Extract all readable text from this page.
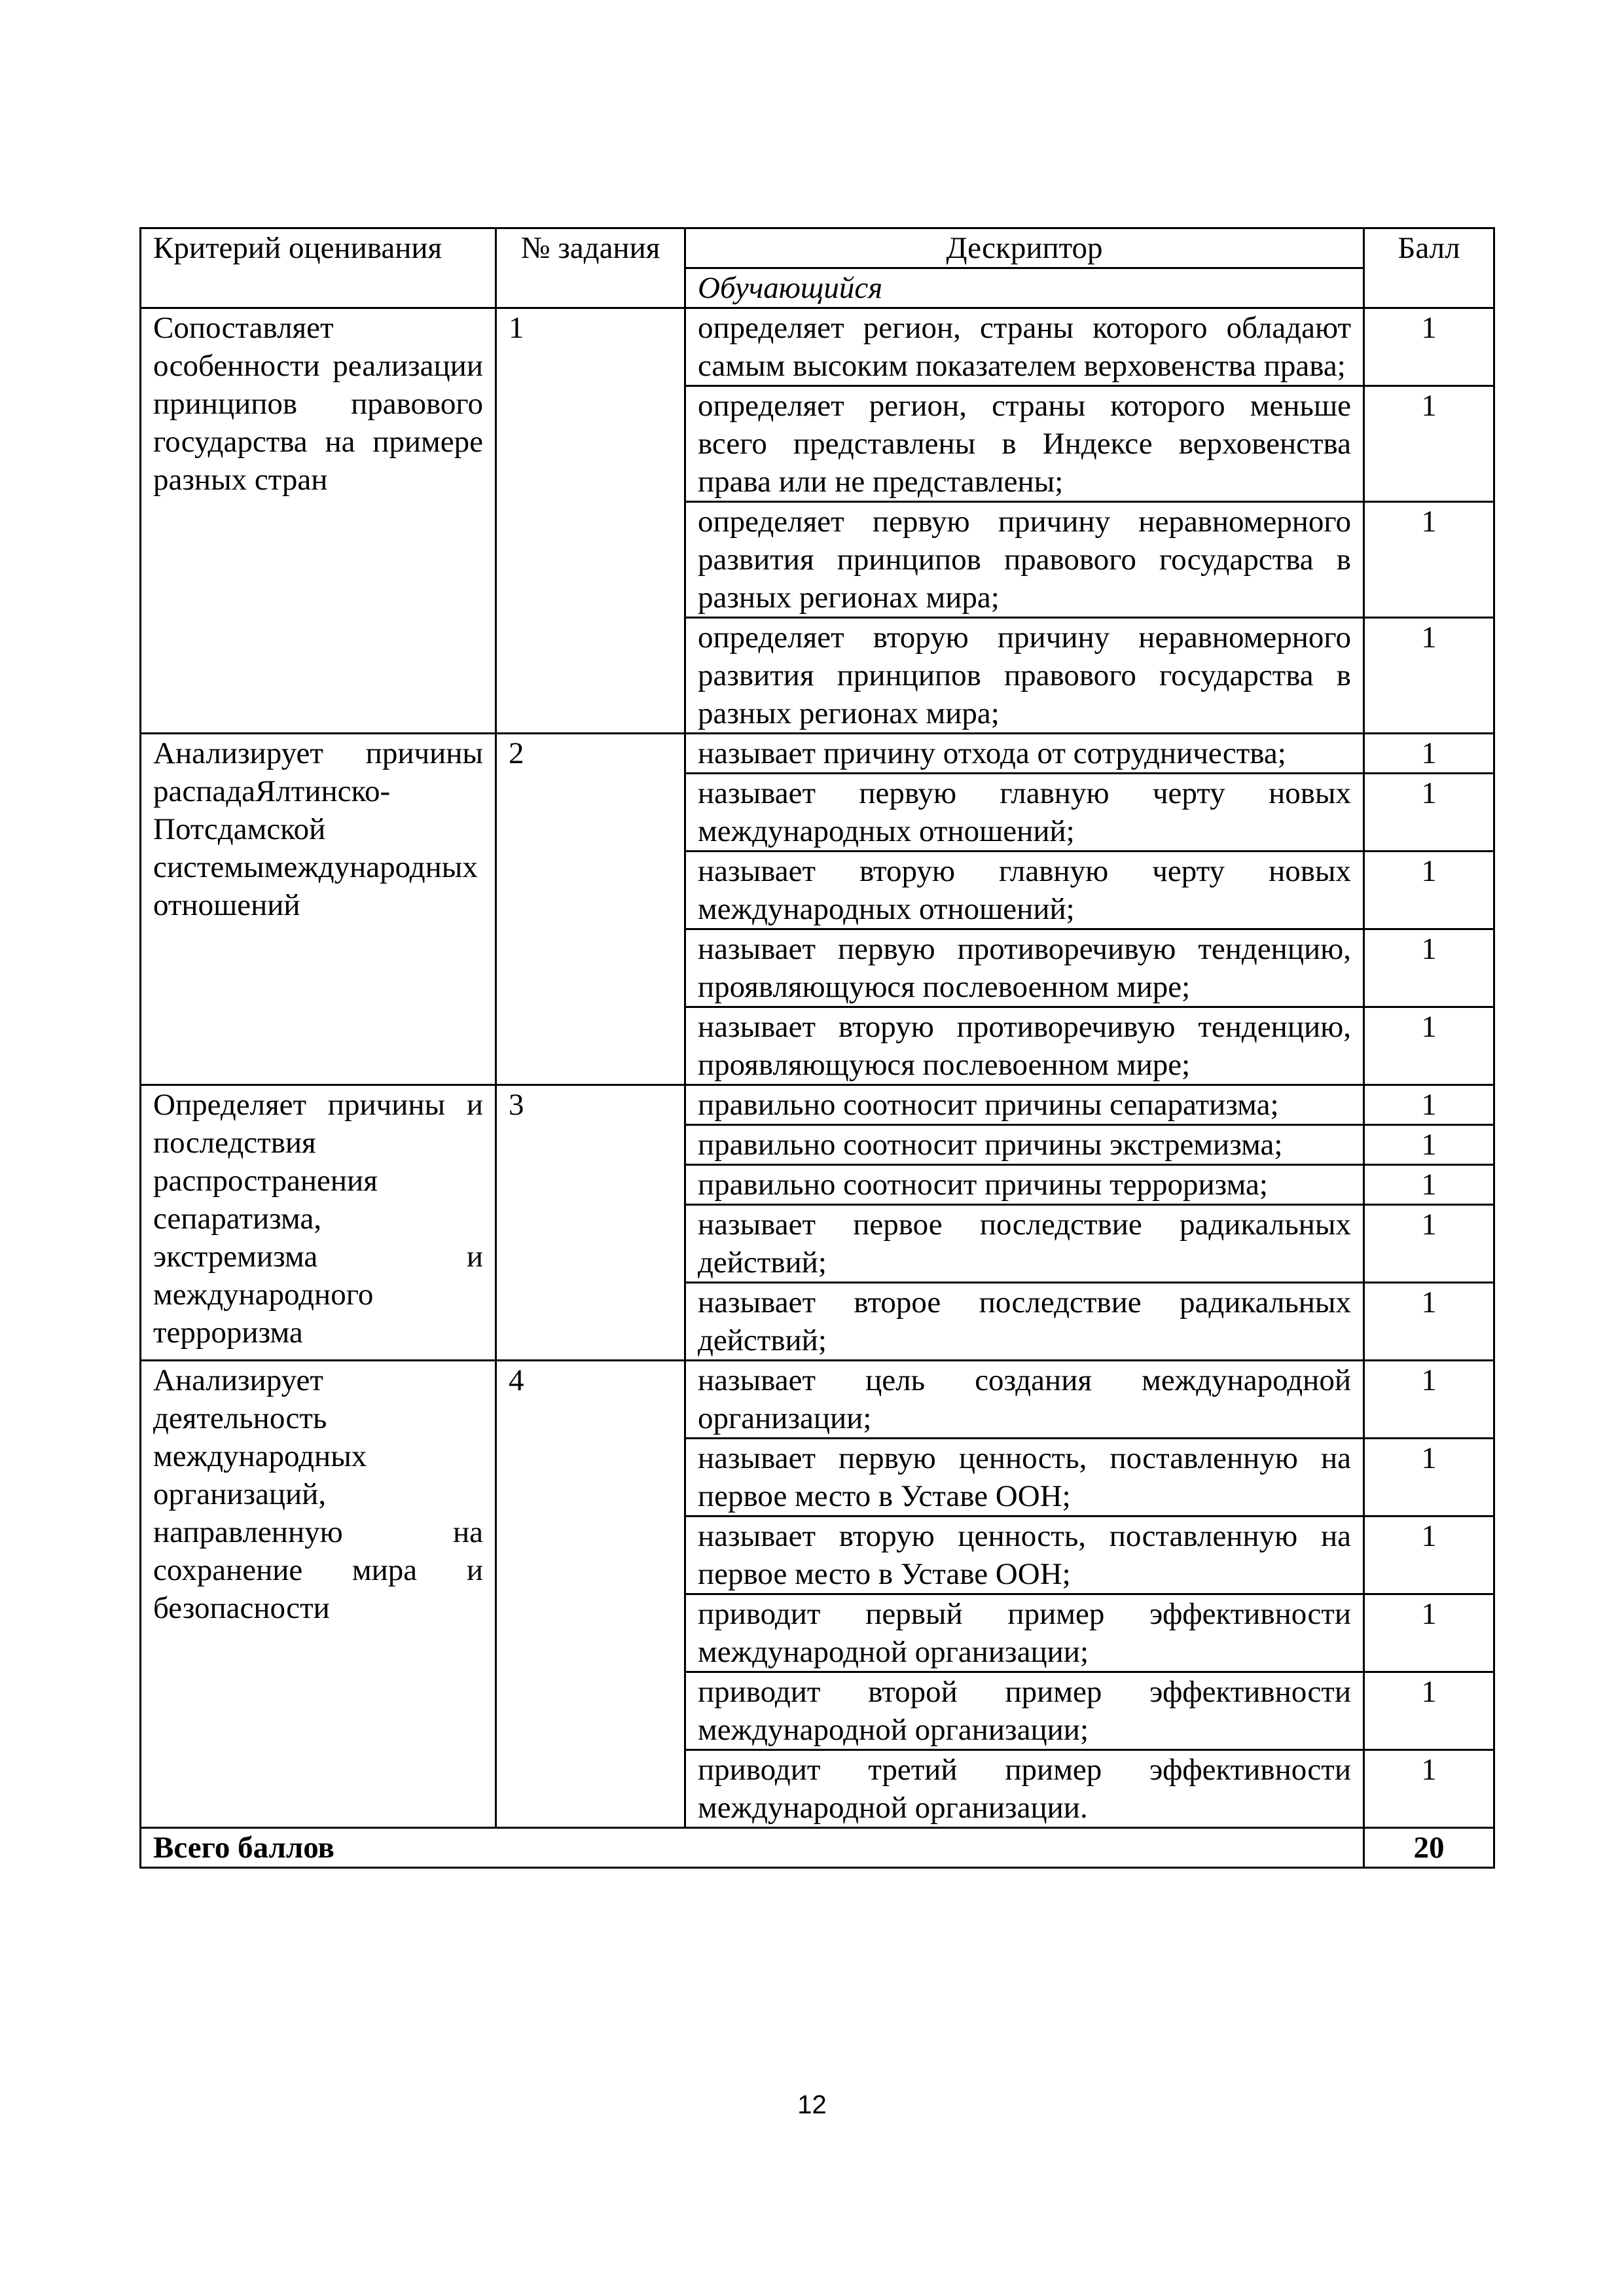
Критерий оценивания	№ задания	Дескриптор	Балл
		Обучающийся	
Сопоставляет особенности реализации принципов правового государства на примере разных стран	1	определяет регион, страны которого обладают самым высоким показателем верховенства права;	1
		определяет регион, страны которого меньше всего представлены в Индексе верховенства права или не представлены;	1
		определяет первую причину неравномерного развития принципов правового государства в разных регионах мира;	1
		определяет вторую причину неравномерного развития принципов правового государства в разных регионах мира;	1
Анализирует причины распадаЯлтинско-Потсдамской системымеждународных отношений	2	называет причину отхода от сотрудничества;	1
		называет первую главную черту новых международных отношений;	1
		называет вторую главную черту новых международных отношений;	1
		называет первую противоречивую тенденцию, проявляющуюся послевоенном мире;	1
		называет вторую противоречивую тенденцию, проявляющуюся послевоенном мире;	1
Определяет причины и последствия распространения сепаратизма, экстремизма и международного терроризма	3	правильно соотносит причины сепаратизма;	1
		правильно соотносит причины экстремизма;	1
		правильно соотносит причины терроризма;	1
		называет первое последствие радикальных действий;	1
		называет второе последствие радикальных действий;	1
Анализирует деятельность международных организаций, направленную на сохранение мира и безопасности	4	называет цель создания международной организации;	1
		называет первую ценность, поставленную на первое место в Уставе ООН;	1
		называет вторую ценность, поставленную на первое место в Уставе ООН;	1
		приводит первый пример эффективности международной организации;	1
		приводит второй пример эффективности международной организации;	1
		приводит третий пример эффективности международной организации.	1
Всего баллов			20
12
